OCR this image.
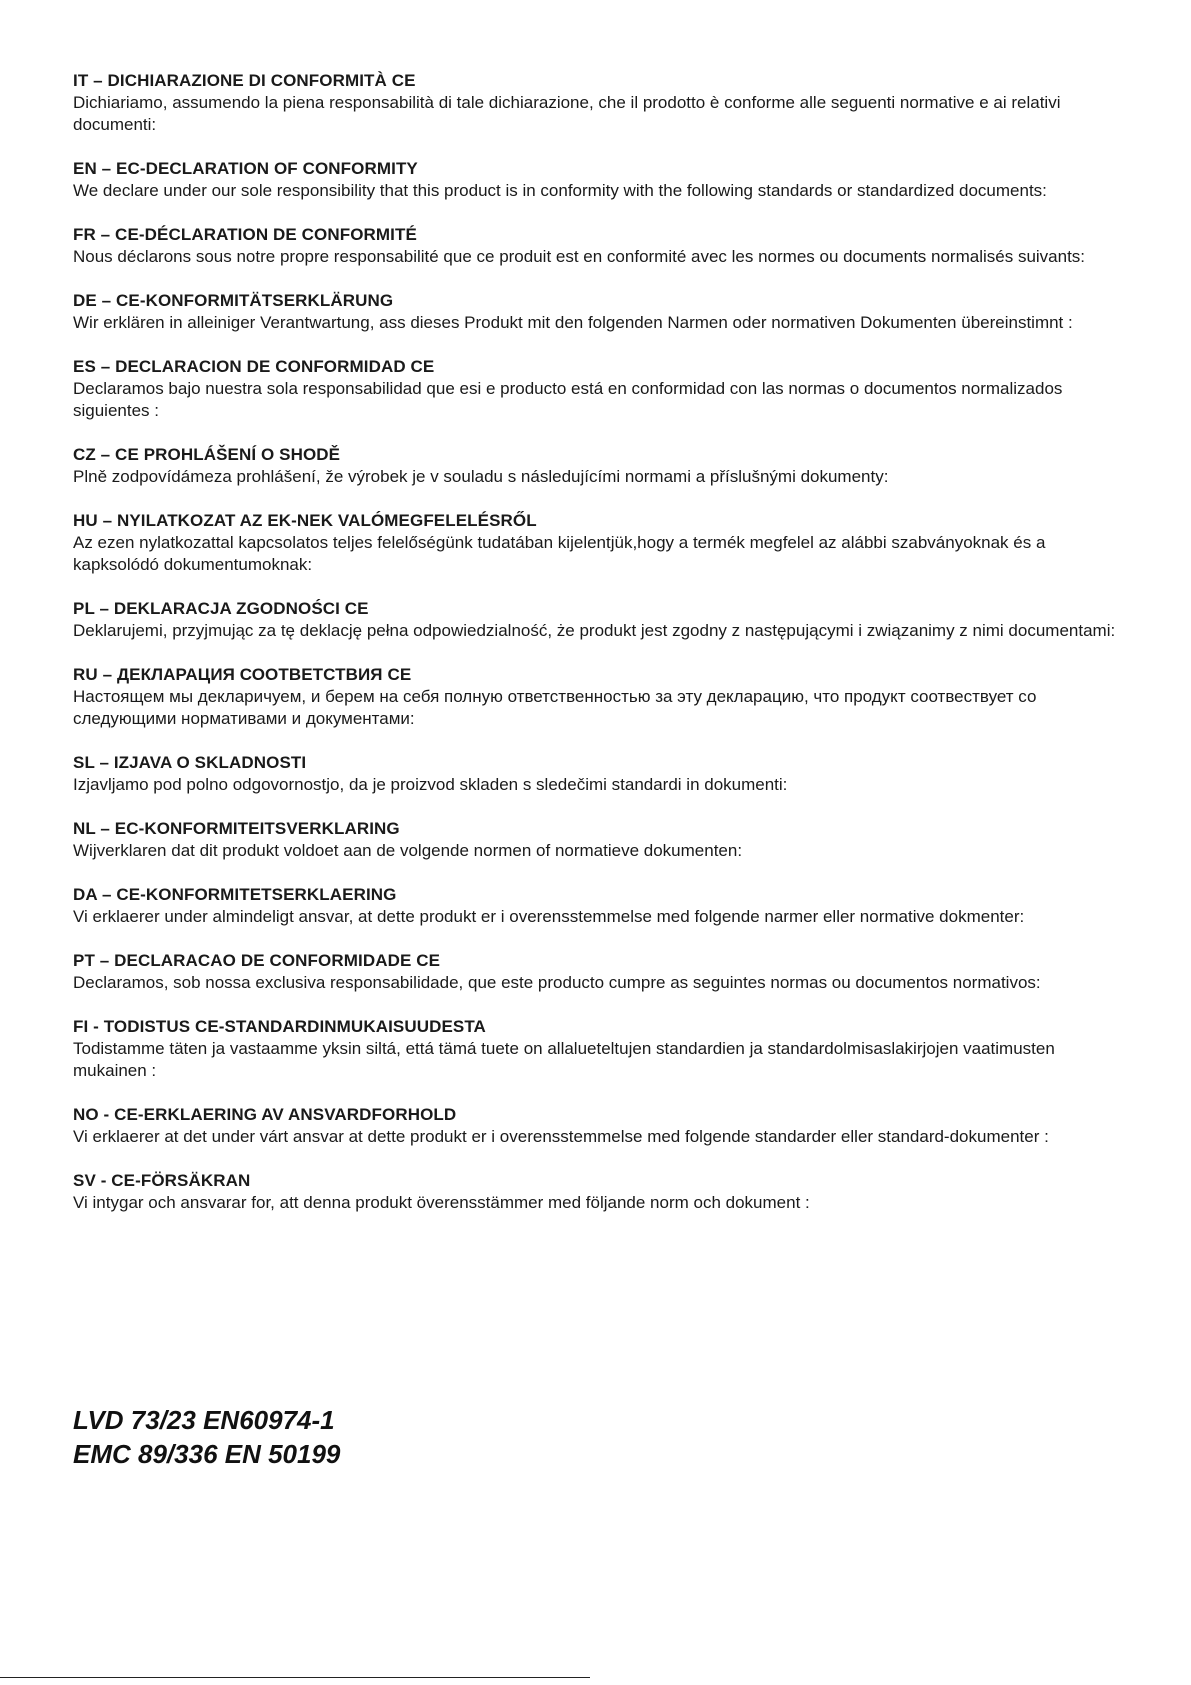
IT – DICHIARAZIONE DI CONFORMITÀ CE
Dichiariamo, assumendo la piena responsabilità di tale dichiarazione, che il prodotto è conforme alle seguenti normative e ai relativi documenti:
EN – EC-DECLARATION OF CONFORMITY
We declare under our sole responsibility that this product is in conformity with the following standards or standardized documents:
FR – CE-DÉCLARATION DE CONFORMITÉ
Nous déclarons sous notre propre responsabilité que ce produit est en conformité avec les normes ou documents normalisés suivants:
DE – CE-KONFORMITÄTSERKLÄRUNG
Wir erklären in alleiniger Verantwartung, ass dieses Produkt mit den folgenden Narmen oder normativen Dokumenten übereinstimnt :
ES – DECLARACION DE CONFORMIDAD CE
Declaramos bajo nuestra sola responsabilidad que esi e producto está en conformidad con las normas o documentos normalizados siguientes :
CZ – CE PROHLÁŠENÍ O SHODĚ
Plně zodpovídámeza prohlášení, že výrobek je v souladu s následujícími normami a příslušnými dokumenty:
HU – NYILATKOZAT AZ EK-NEK VALÓMEGFELELÉSRŐL
Az ezen nylatkozattal kapcsolatos teljes felelőségünk tudatában kijelentjük,hogy a termék megfelel az alábbi szabványoknak és a kapksolódó dokumentumoknak:
PL – DEKLARACJA ZGODNOŚCI CE
Deklarujemi, przyjmując za tę deklację pełna odpowiedzialność, że produkt jest zgodny z następującymi i związanimy z nimi documentami:
RU – ДЕКЛАРАЦИЯ СООТВЕТСТВИЯ СЕ
Настоящем мы декларичуем, и берем на себя полную ответственностью за эту декларацию, что продукт соотвествует со следующими нормативами и документами:
SL – IZJAVA O SKLADNOSTI
Izjavljamo pod polno odgovornostjo, da je proizvod skladen s sledečimi standardi in dokumenti:
NL – EC-KONFORMITEITSVERKLARING
Wijverklaren dat dit produkt voldoet aan de volgende normen of normatieve dokumenten:
DA – CE-KONFORMITETSERKLAERING
Vi erklaerer under almindeligt ansvar, at dette produkt er i overensstemmelse med folgende narmer eller normative dokmenter:
PT – DECLARACAO DE CONFORMIDADE CE
Declaramos, sob nossa exclusiva responsabilidade, que este producto cumpre as seguintes normas ou documentos normativos:
FI - TODISTUS CE-STANDARDINMUKAISUUDESTA
Todistamme täten ja vastaamme yksin siltá, ettá tämá tuete on allalueteltujen standardien ja standardolmisaslakirjojen vaatimusten mukainen :
NO - CE-ERKLAERING AV ANSVARDFORHOLD
Vi erklaerer at det under várt ansvar at dette produkt er i overensstemmelse med folgende standarder eller standard-dokumenter :
SV - CE-FÖRSÄKRAN
Vi intygar och ansvarar for, att denna produkt överensstämmer med följande norm och dokument :
LVD 73/23 EN60974-1
EMC 89/336 EN 50199
